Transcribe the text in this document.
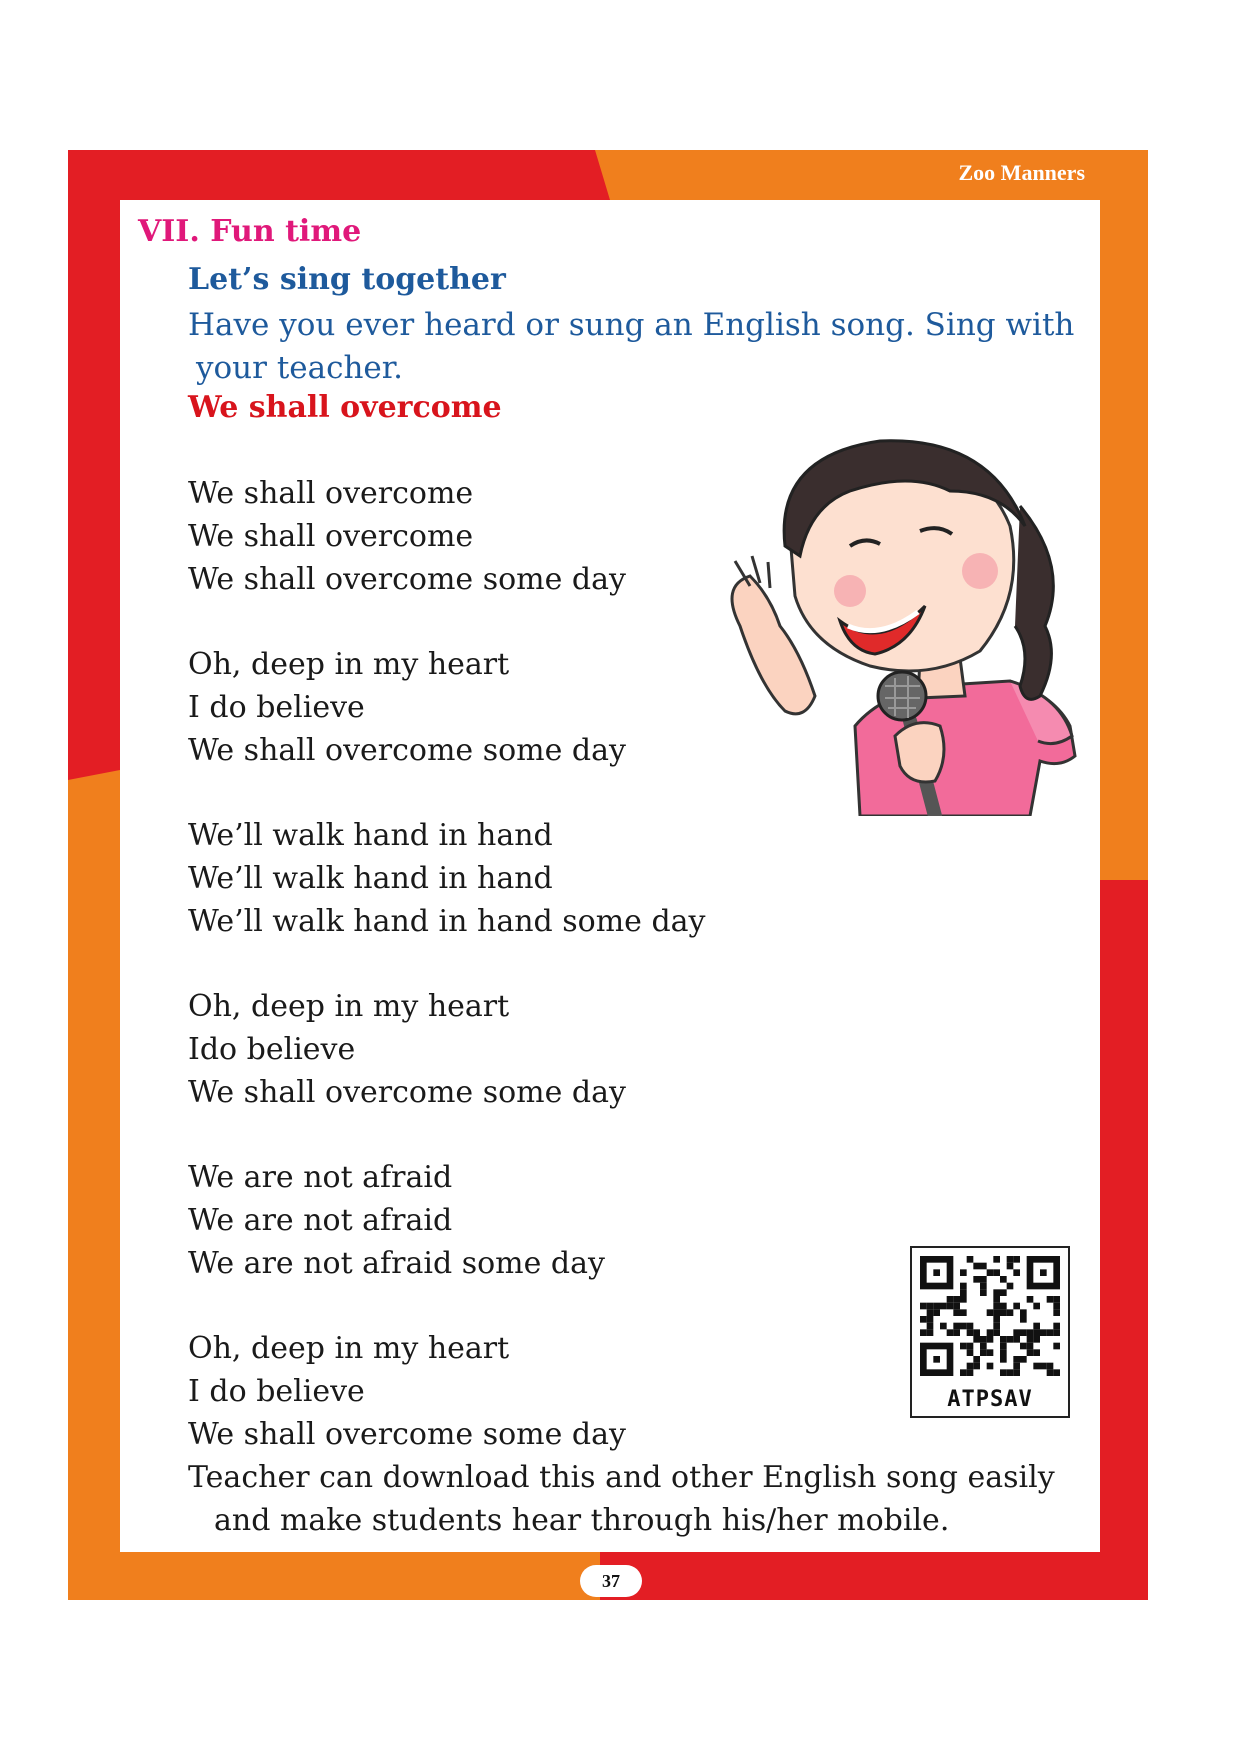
Zoo Manners
VII. Fun time
Let’s sing together
Have you ever heard or sung an English song. Sing with
your teacher.
We shall overcome
We shall overcome
We shall overcome
We shall overcome some day
Oh, deep in my heart
I do believe
We shall overcome some day
We’ll walk hand in hand
We’ll walk hand in hand
We’ll walk hand in hand some day
Oh, deep in my heart
Ido believe
We shall overcome some day
We are not afraid
We are not afraid
We are not afraid some day
Oh, deep in my heart
I do believe
We shall overcome some day
Teacher can download this and other English song easily
and make students hear through his/her mobile.
ATPSAV
37
